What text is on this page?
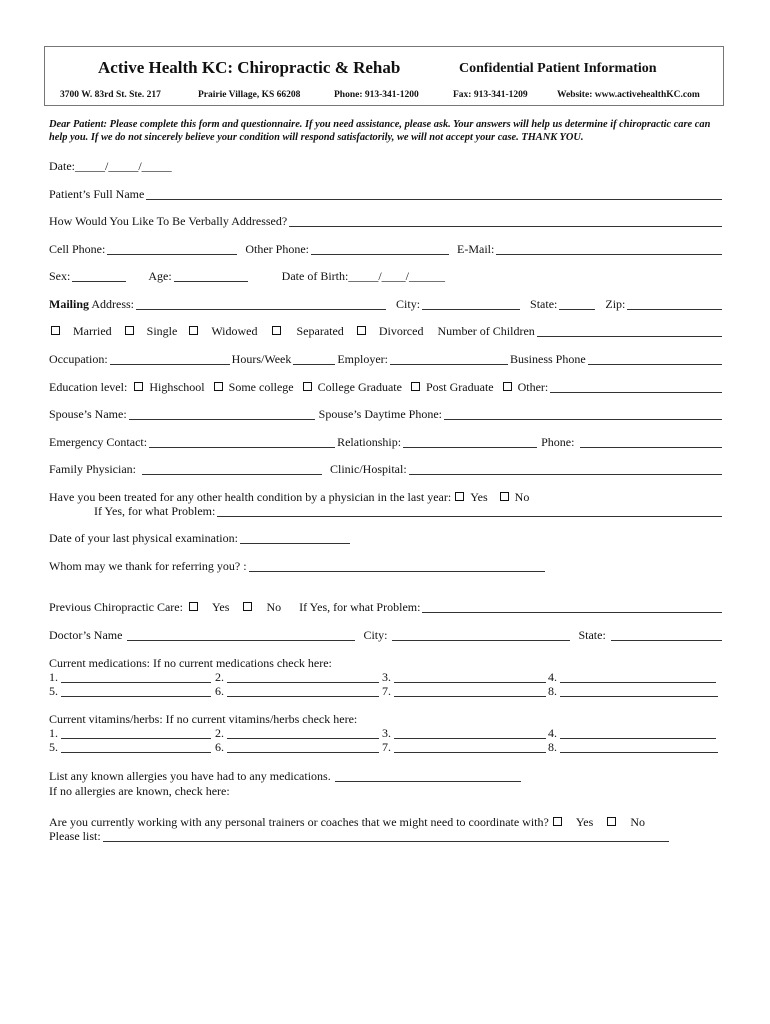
Active Health KC: Chiropractic & Rehab	Confidential Patient Information
3700 W. 83rd St. Ste. 217	Prairie Village, KS 66208	Phone: 913-341-1200	Fax: 913-341-1209	Website: www.activehealthKC.com
Dear Patient: Please complete this form and questionnaire. If you need assistance, please ask. Your answers will help us determine if chiropractic care can help you. If we do not sincerely believe your condition will respond satisfactorily, we will not accept your case. THANK YOU.
Date:_____/_____/_____
Patient’s Full Name
How Would You Like To Be Verbally Addressed?
Cell Phone:	Other Phone:	E-Mail:
Sex:	Age:	Date of Birth:_____/____/______
Mailing Address:	City:	State:	Zip:
Married	Single	Widowed	Separated	Divorced Number of Children
Occupation:	Hours/Week	Employer:	Business Phone
Education level: Highschool Some college College Graduate Post Graduate Other:
Spouse’s Name:	Spouse’s Daytime Phone:
Emergency Contact:	Relationship:	Phone:
Family Physician:	Clinic/Hospital:
Have you been treated for any other health condition by a physician in the last year: Yes No
If Yes, for what Problem:
Date of your last physical examination:
Whom may we thank for referring you? :
Previous Chiropractic Care: Yes	No If Yes, for what Problem:
Doctor’s Name	City:	State:
Current medications: If no current medications check here:
1.	2.	3.	4.
5.	6.	7.	8.
Current vitamins/herbs: If no current vitamins/herbs check here:
1.	2.	3.	4.
5.	6.	7.	8.
List any known allergies you have had to any medications.
If no allergies are known, check here:
Are you currently working with any personal trainers or coaches that we might need to coordinate with? Yes	No
Please list:
